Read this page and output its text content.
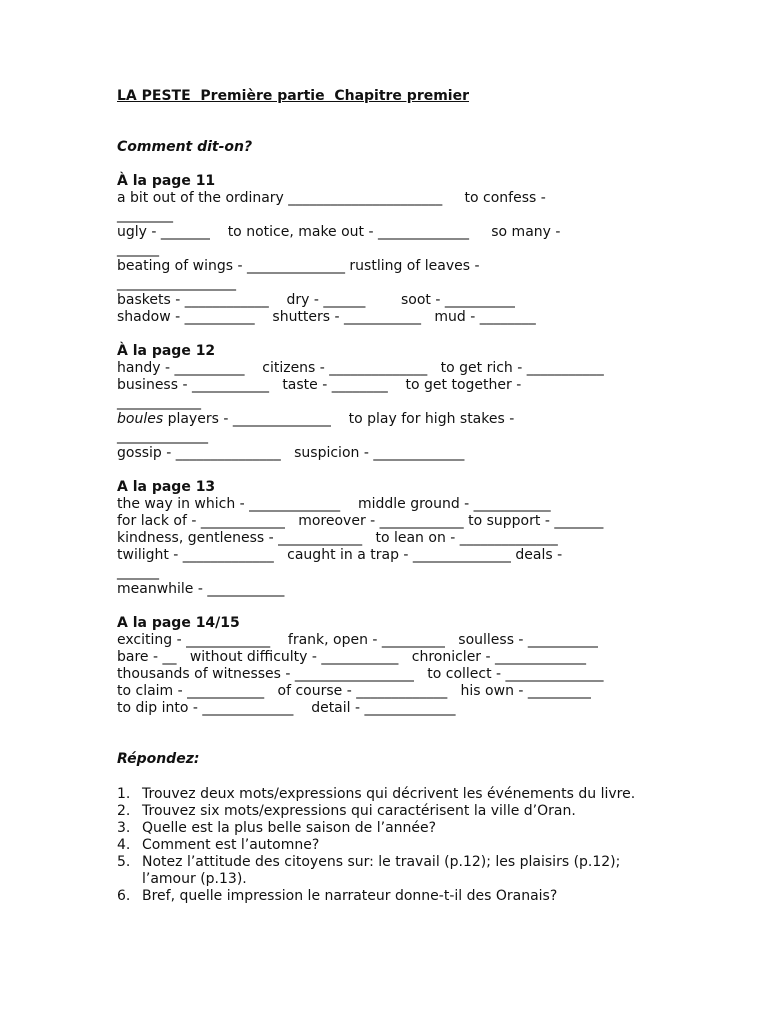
LA PESTE  Première partie  Chapitre premier
Comment dit-on?
À la page 11
a bit out of the ordinary ______________________     to confess -
________
ugly - _______    to notice, make out - _____________     so many -
______
beating of wings - ______________ rustling of leaves -
_________________
baskets - ____________    dry - ______        soot - __________
shadow - __________    shutters - ___________   mud - ________
À la page 12
handy - __________    citizens - ______________   to get rich - ___________
business - ___________   taste - ________    to get together -
____________
boules players - ______________    to play for high stakes -
_____________
gossip - _______________   suspicion - _____________
A la page 13
the way in which - _____________    middle ground - ___________
for lack of - ____________   moreover - ____________ to support - _______
kindness, gentleness - ____________   to lean on - ______________
twilight - _____________   caught in a trap - ______________ deals -
______
meanwhile - ___________
A la page 14/15
exciting - ____________    frank, open - _________   soulless - __________
bare - __   without difficulty - ___________   chronicler - _____________
thousands of witnesses - _________________   to collect - ______________
to claim - ___________   of course - _____________   his own - _________
to dip into - _____________    detail - _____________
Répondez:
1. Trouvez deux mots/expressions qui décrivent les événements du livre.
2. Trouvez six mots/expressions qui caractérisent la ville d’Oran.
3. Quelle est la plus belle saison de l’année?
4. Comment est l’automne?
5. Notez l’attitude des citoyens sur: le travail (p.12); les plaisirs (p.12); l’amour (p.13).
6. Bref, quelle impression le narrateur donne-t-il des Oranais?
